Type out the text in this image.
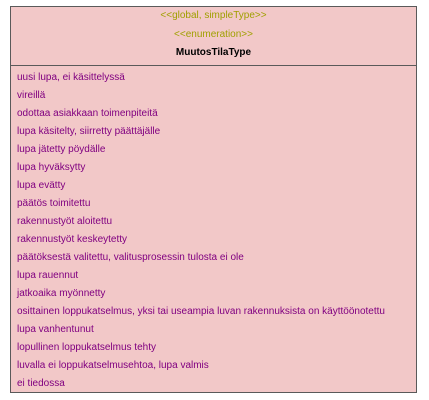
<<global, simpleType>>
<<enumeration>>
MuutosTilaType
uusi lupa, ei käsittelyssä
vireillä
odottaa asiakkaan toimenpiteitä
lupa käsitelty, siirretty päättäjälle
lupa jätetty pöydälle
lupa hyväksytty
lupa evätty
päätös toimitettu
rakennustyöt aloitettu
rakennustyöt keskeytetty
päätöksestä valitettu, valitusprosessin tulosta ei ole
lupa rauennut
jatkoaika myönnetty
osittainen loppukatselmus, yksi tai useampia luvan rakennuksista on käyttöönotettu
lupa vanhentunut
lopullinen loppukatselmus tehty
luvalla ei loppukatselmusehtoa, lupa valmis
ei tiedossa
